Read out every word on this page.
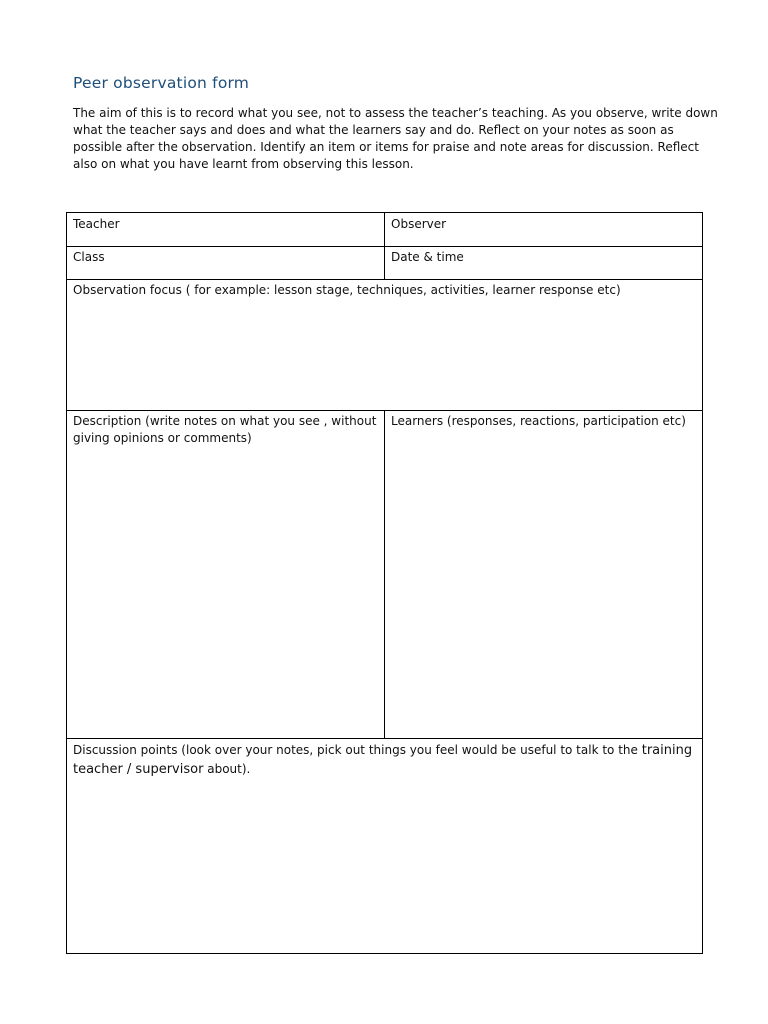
Peer observation form
The aim of this is to record what you see, not to assess the teacher’s teaching. As you observe, write down
what the teacher says and does and what the learners say and do. Reflect on your notes as soon as
possible after the observation. Identify an item or items for praise and note areas for discussion. Reflect
also on what you have learnt from observing this lesson.
Teacher	Observer
Class	Date & time
Observation focus ( for example: lesson stage, techniques, activities, learner response etc)
Description (write notes on what you see , without
giving opinions or comments)
Learners (responses, reactions, participation etc)
Discussion points (look over your notes, pick out things you feel would be useful to talk to the training
teacher / supervisor about).
